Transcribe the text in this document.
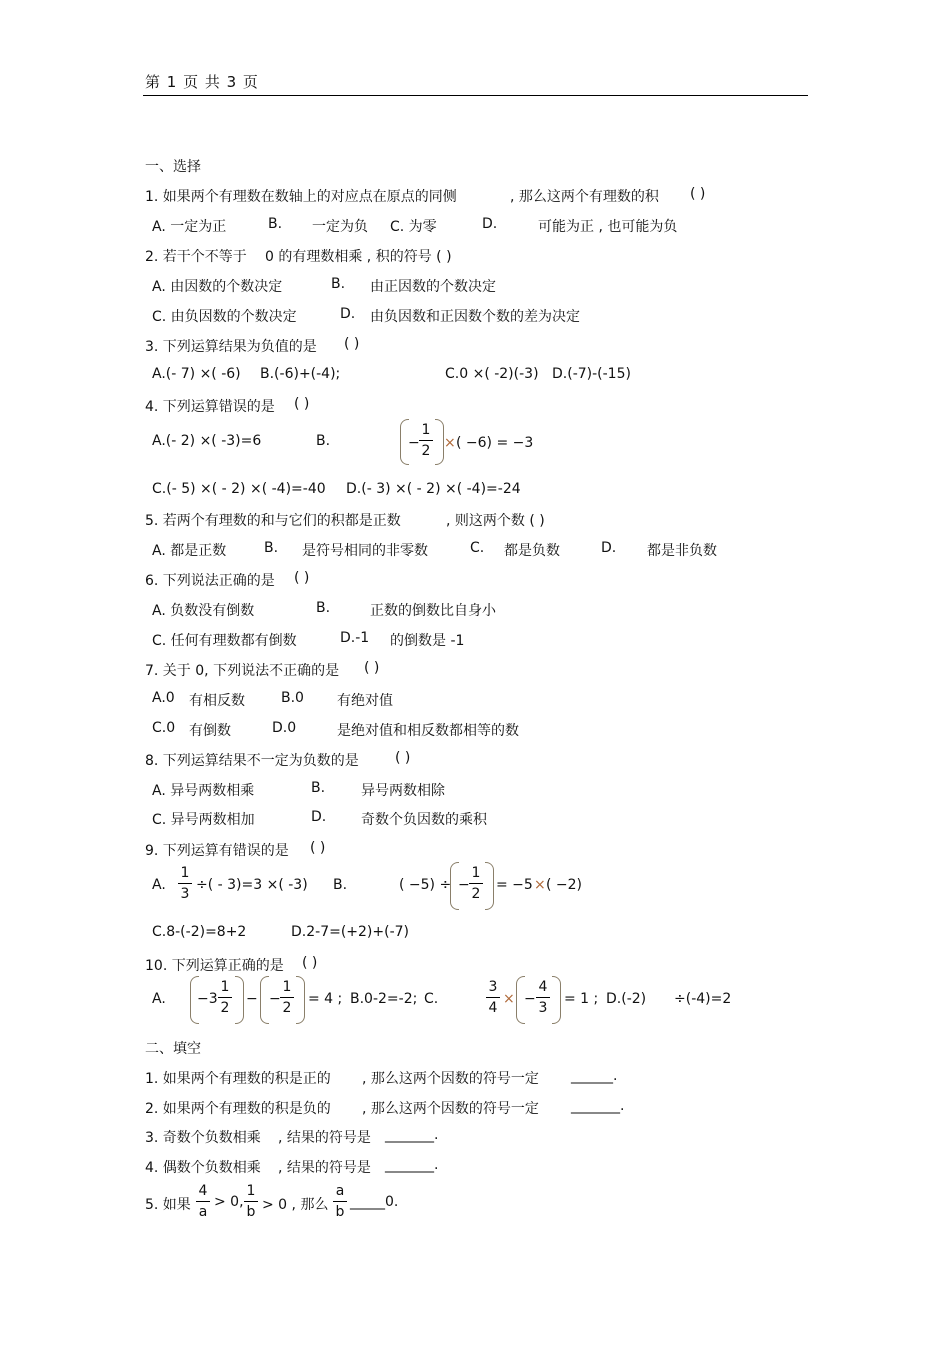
第 1 页 共 3 页
一、选择
1. 如果两个有理数在数轴上的对应点在原点的同侧	, 那么这两个有理数的积 ( )
A. 一定为正	B. 一定为负 C. 为零	D.	可能为正 , 也可能为负
2. 若干个不等于 0 的有理数相乘 , 积的符号 ( )
A. 由因数的个数决定	B. 由正因数的个数决定
C. 由负因数的个数决定	D. 由负因数和正因数个数的差为决定
3. 下列运算结果为负值的是 ( )
A.(- 7) ×( -6) B.(-6)+(-4);	C.0 ×( -2)(-3) D.(-7)-(-15)
4. 下列运算错误的是 ( )
A.(- 2) ×( -3)=6	B.	−
1
2 × ( −6) = −3
C.(- 5) ×( - 2) ×( -4)=-40 D.(- 3) ×( - 2) ×( -4)=-24
5. 若两个有理数的和与它们的积都是正数	, 则这两个数 ( )
A. 都是正数	B. 是符号相同的非零数	C. 都是负数	D. 都是非负数
6. 下列说法正确的是 ( )
A. 负数没有倒数	B.	正数的倒数比自身小
C. 任何有理数都有倒数	D.-1 的倒数是 -1
7. 关于 0, 下列说法不正确的是 ( )
A.0 有相反数	B.0 有绝对值
C.0 有倒数	D.0	是绝对值和相反数都相等的数
8. 下列运算结果不一定为负数的是	( )
A. 异号两数相乘	B.	异号两数相除
C. 异号两数相加	D. 奇数个负因数的乘积
9. 下列运算有错误的是 ( )
A.
1
3
÷( - 3)=3 ×( -3) B.	( −5) ÷ −
1
2
= −5 × ( −2)
C.8-(-2)=8+2	D.2-7=(+2)+(-7)
10. 下列运算正确的是 ( )
A. −3
1
2
− −
1
2
= 4 ; B.0-2=-2; C.
3
4
× −
4
3
= 1 ; D.(-2) ÷(-4)=2
二、填空
1. 如果两个有理数的积是正的 , 那么这两个因数的符号一定 ______.
2. 如果两个有理数的积是负的 , 那么这两个因数的符号一定 _______.
3. 奇数个负数相乘 , 结果的符号是 _______.
4. 偶数个负数相乘 , 结果的符号是 _______.
5. 如果
4
a
> 0,
1
b > 0 , 那么
a
b
_____0.
